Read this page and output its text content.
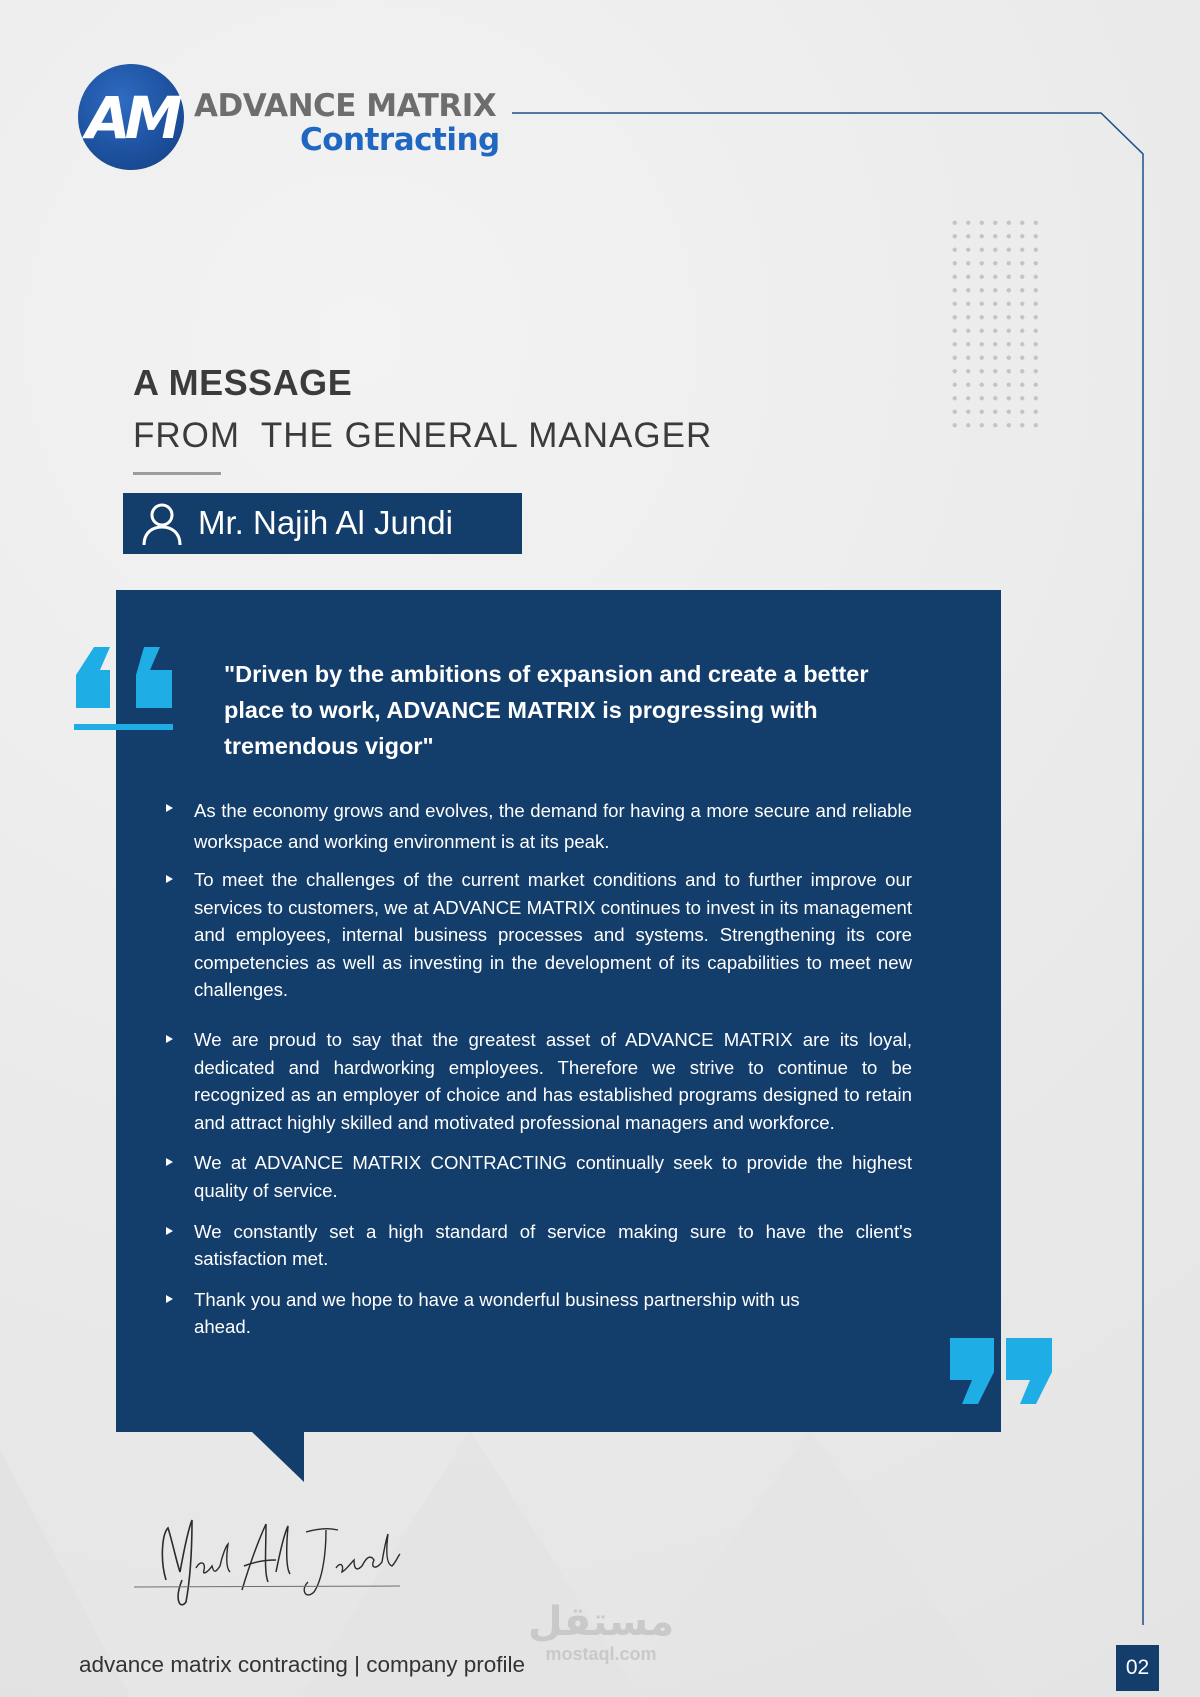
AM ADVANCE MATRIX
Contracting
A MESSAGE
FROM  THE GENERAL MANAGER
Mr. Najih Al Jundi
"Driven by the ambitions of expansion and create a better place to work, ADVANCE MATRIX is progressing with tremendous vigor"
As the economy grows and evolves, the demand for having a more secure and reliable workspace and working environment is at its peak.
To meet the challenges of the current market conditions and to further improve our services to customers, we at ADVANCE MATRIX continues to invest in its management and employees, internal business processes and systems. Strengthening its core competencies as well as investing in the development of its capabilities to meet new challenges.
We are proud to say that the greatest asset of ADVANCE MATRIX are its loyal, dedicated and hardworking employees. Therefore we strive to continue to be recognized as an employer of choice and has established programs designed to retain and attract highly skilled and motivated professional managers and workforce.
We at ADVANCE MATRIX CONTRACTING continually seek to provide the highest quality of service.
We constantly set a high standard of service making sure to have the client's satisfaction met.
Thank you and we hope to have a wonderful business partnership with us ahead.
مستقل
mostaql.com
advance matrix contracting | company profile	02
